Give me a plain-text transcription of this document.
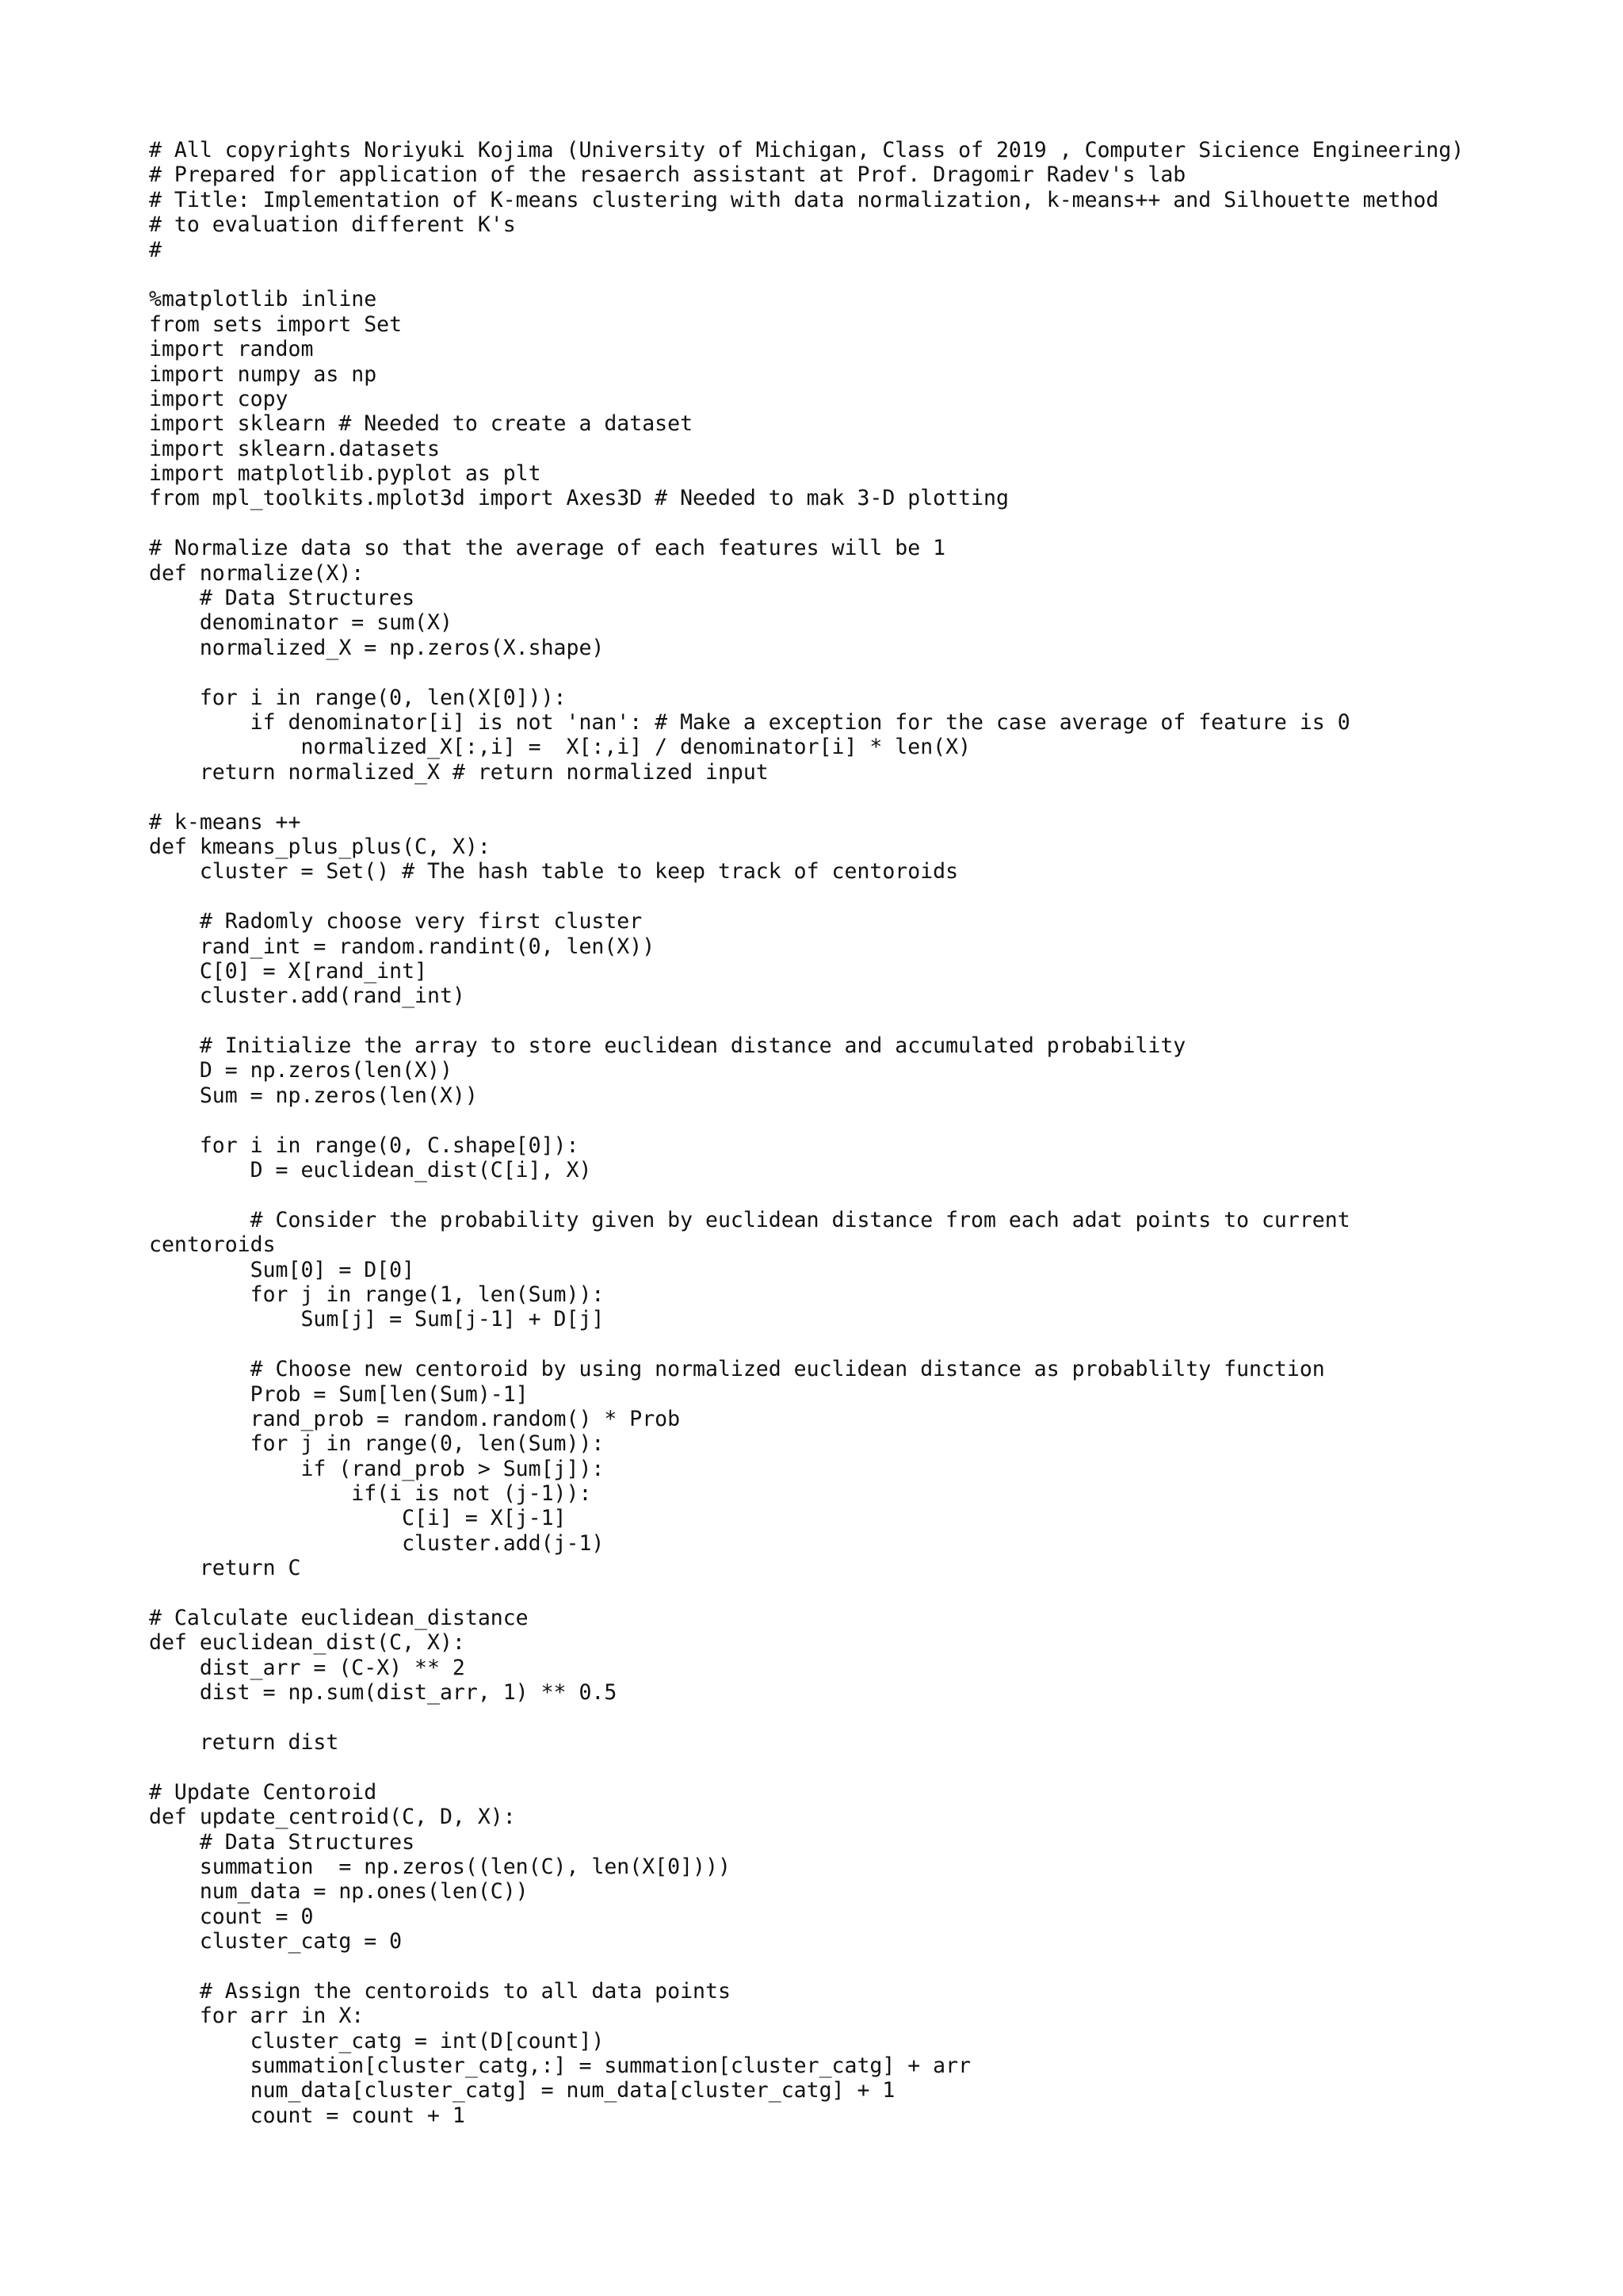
# All copyrights Noriyuki Kojima (University of Michigan, Class of 2019 , Computer Sicience Engineering)
# Prepared for application of the resaerch assistant at Prof. Dragomir Radev's lab
# Title: Implementation of K-means clustering with data normalization, k-means++ and Silhouette method
# to evaluation different K's
#
%matplotlib inline
from sets import Set
import random
import numpy as np
import copy
import sklearn # Needed to create a dataset
import sklearn.datasets
import matplotlib.pyplot as plt
from mpl_toolkits.mplot3d import Axes3D # Needed to mak 3-D plotting
# Normalize data so that the average of each features will be 1
def normalize(X):
# Data Structures
denominator = sum(X)
normalized_X = np.zeros(X.shape)
for i in range(0, len(X[0])):
if denominator[i] is not 'nan': # Make a exception for the case average of feature is 0
normalized_X[:,i] =  X[:,i] / denominator[i] * len(X)
return normalized_X # return normalized input
# k-means ++
def kmeans_plus_plus(C, X):
cluster = Set() # The hash table to keep track of centoroids
# Radomly choose very first cluster
rand_int = random.randint(0, len(X))
C[0] = X[rand_int]
cluster.add(rand_int)
# Initialize the array to store euclidean distance and accumulated probability
D = np.zeros(len(X))
Sum = np.zeros(len(X))
for i in range(0, C.shape[0]):
D = euclidean_dist(C[i], X)
# Consider the probability given by euclidean distance from each adat points to current
centoroids
Sum[0] = D[0]
for j in range(1, len(Sum)):
Sum[j] = Sum[j-1] + D[j]
# Choose new centoroid by using normalized euclidean distance as probablilty function
Prob = Sum[len(Sum)-1]
rand_prob = random.random() * Prob
for j in range(0, len(Sum)):
if (rand_prob > Sum[j]):
if(i is not (j-1)):
C[i] = X[j-1]
cluster.add(j-1)
return C
# Calculate euclidean_distance
def euclidean_dist(C, X):
dist_arr = (C-X) ** 2
dist = np.sum(dist_arr, 1) ** 0.5
return dist
# Update Centoroid
def update_centroid(C, D, X):
# Data Structures
summation  = np.zeros((len(C), len(X[0])))
num_data = np.ones(len(C))
count = 0
cluster_catg = 0
# Assign the centoroids to all data points
for arr in X:
cluster_catg = int(D[count])
summation[cluster_catg,:] = summation[cluster_catg] + arr
num_data[cluster_catg] = num_data[cluster_catg] + 1
count = count + 1
